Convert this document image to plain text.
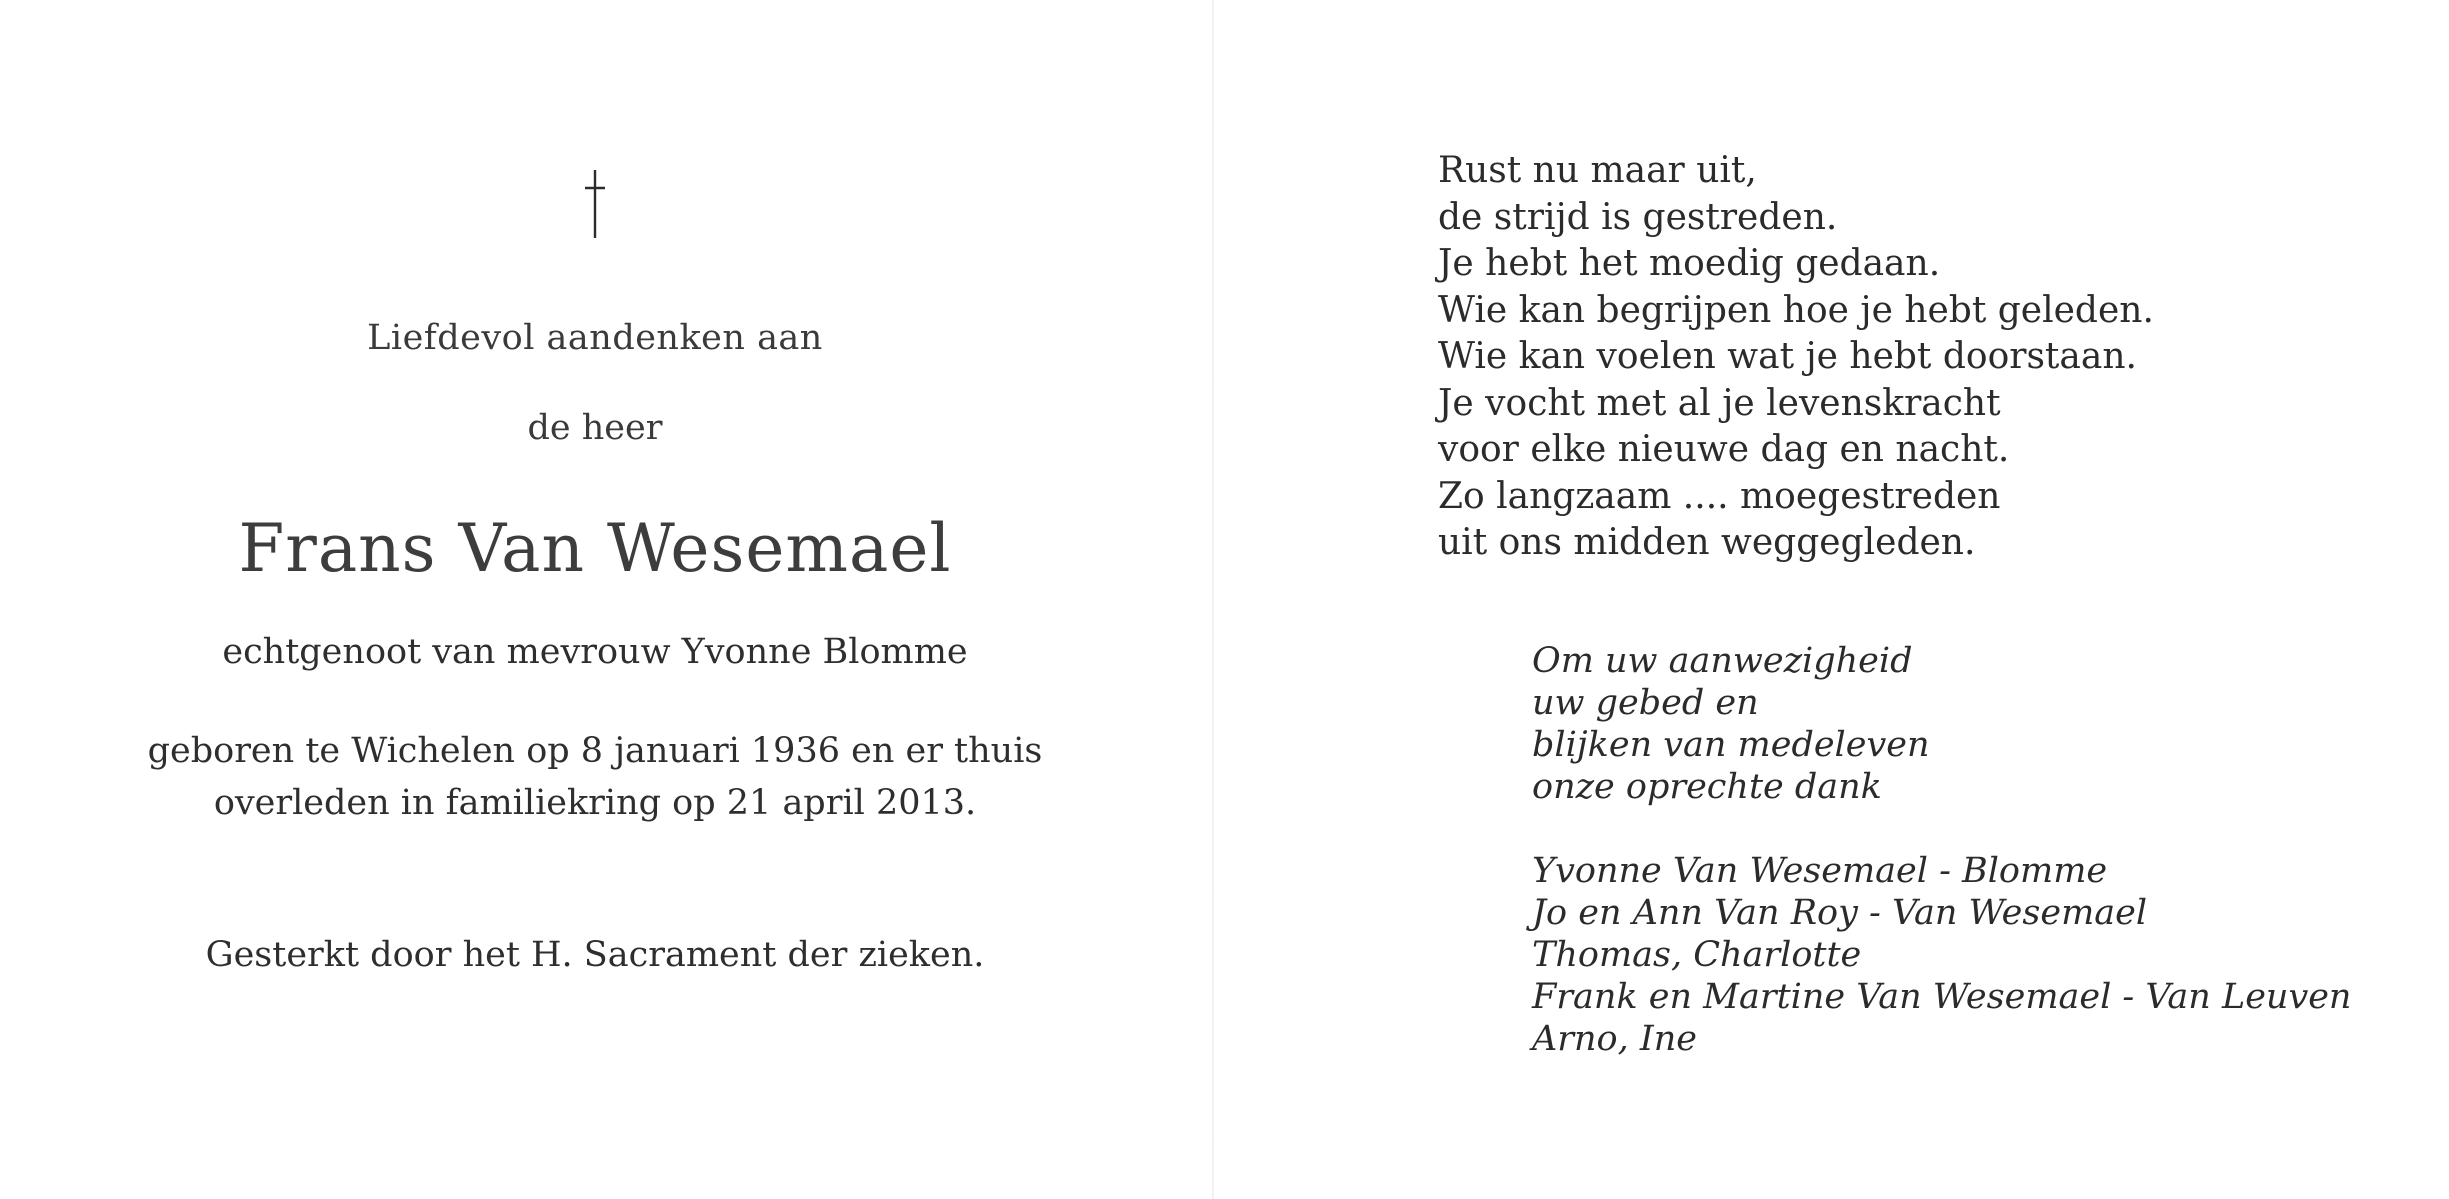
Liefdevol aandenken aan
de heer
Frans Van Wesemael
echtgenoot van mevrouw Yvonne Blomme
geboren te Wichelen op 8 januari 1936 en er thuis
overleden in familiekring op 21 april 2013.
Gesterkt door het H. Sacrament der zieken.
Rust nu maar uit,
de strijd is gestreden.
Je hebt het moedig gedaan.
Wie kan begrijpen hoe je hebt geleden.
Wie kan voelen wat je hebt doorstaan.
Je vocht met al je levenskracht
voor elke nieuwe dag en nacht.
Zo langzaam .... moegestreden
uit ons midden weggegleden.
Om uw aanwezigheid
uw gebed en
blijken van medeleven
onze oprechte dank
Yvonne Van Wesemael - Blomme
Jo en Ann Van Roy - Van Wesemael
Thomas, Charlotte
Frank en Martine Van Wesemael - Van Leuven
Arno, Ine
